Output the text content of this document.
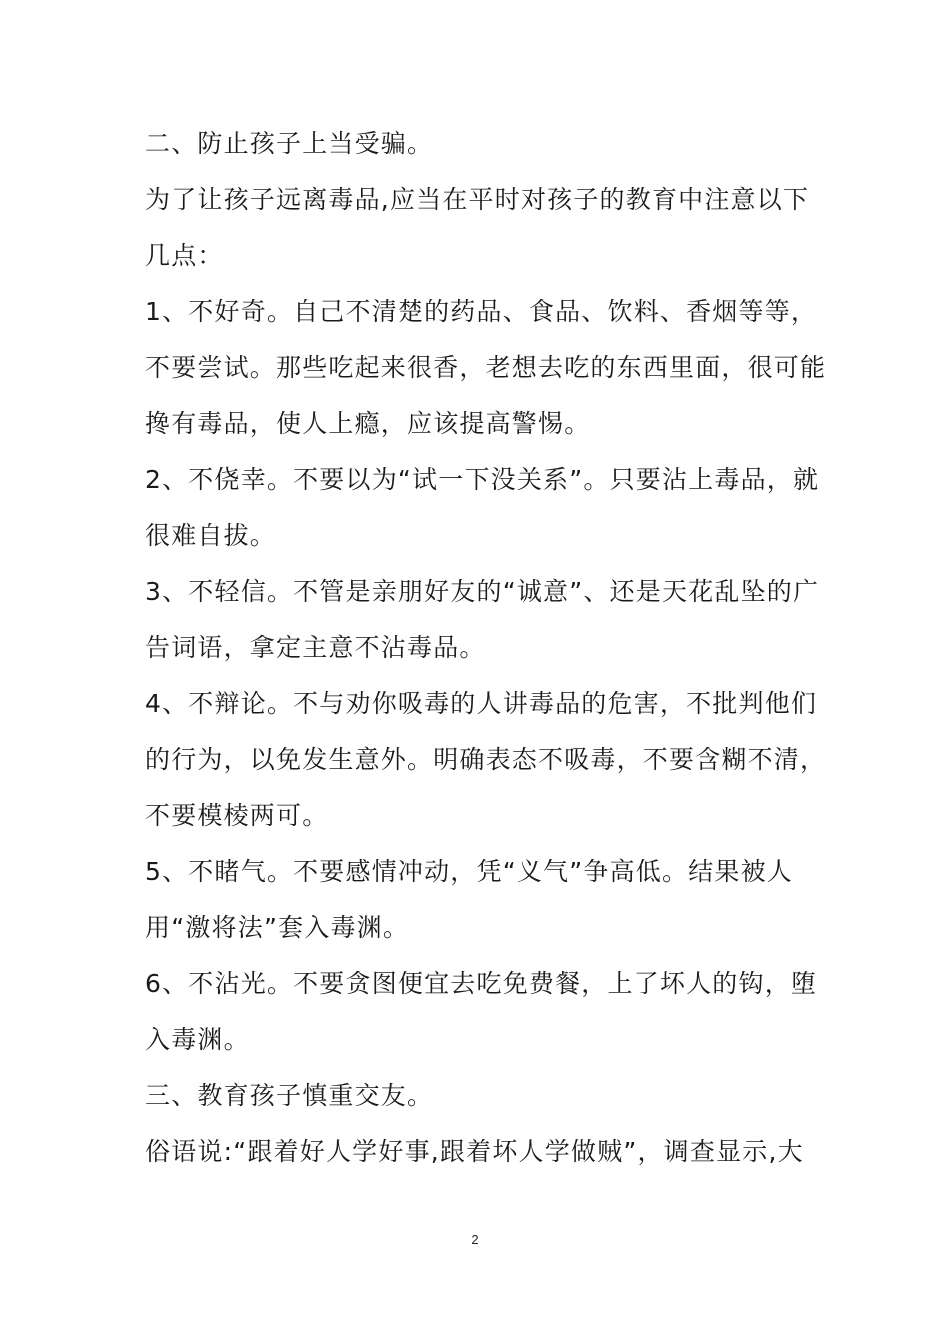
二、防止孩子上当受骗。
为了让孩子远离毒品,应当在平时对孩子的教育中注意以下
几点：
1、不好奇。自己不清楚的药品、食品、饮料、香烟等等，
不要尝试。那些吃起来很香，老想去吃的东西里面，很可能
搀有毒品，使人上瘾，应该提高警惕。
2、不侥幸。不要以为“试一下没关系”。只要沾上毒品，就
很难自拔。
3、不轻信。不管是亲朋好友的“诚意”、还是天花乱坠的广
告词语，拿定主意不沾毒品。
4、不辩论。不与劝你吸毒的人讲毒品的危害，不批判他们
的行为，以免发生意外。明确表态不吸毒，不要含糊不清，
不要模棱两可。
5、不睹气。不要感情冲动，凭“义气”争高低。结果被人
用“激将法”套入毒渊。
6、不沾光。不要贪图便宜去吃免费餐，上了坏人的钩，堕
入毒渊。
三、教育孩子慎重交友。
俗语说:“跟着好人学好事,跟着坏人学做贼”，调查显示,大
2
